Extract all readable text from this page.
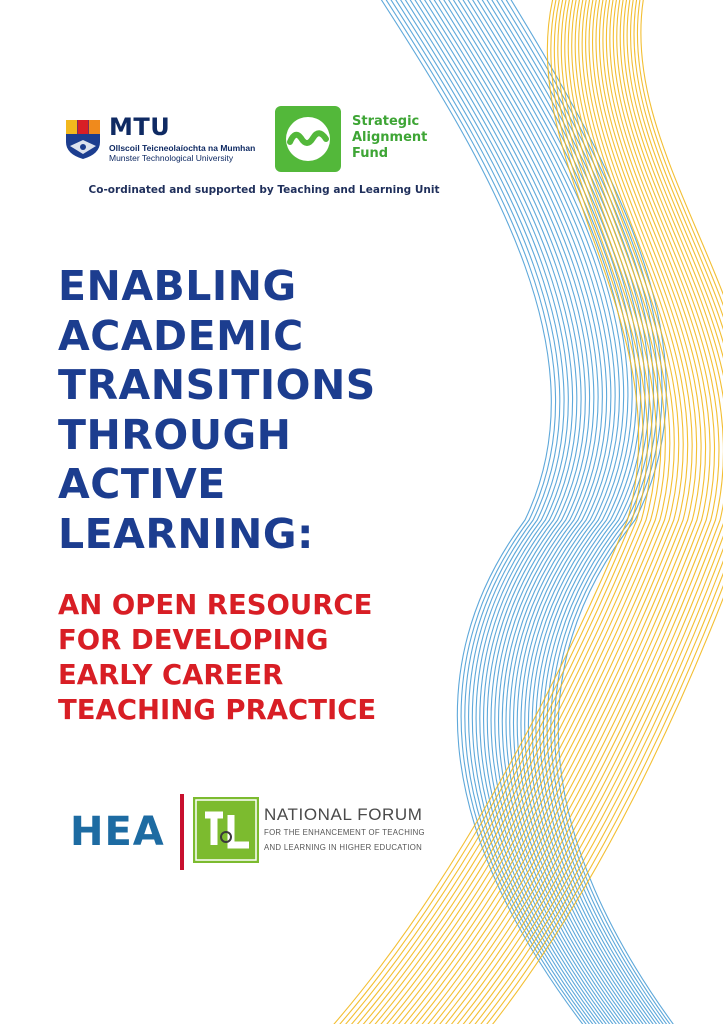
MTU
Ollscoil Teicneolaíochta na Mumhan
Munster Technological University
Strategic
Alignment
Fund
Co-ordinated and supported by Teaching and Learning Unit
ENABLING
ACADEMIC
TRANSITIONS
THROUGH
ACTIVE
LEARNING:
AN OPEN RESOURCE
FOR DEVELOPING
EARLY CAREER
TEACHING PRACTICE
HEA	NATIONAL FORUM
FOR THE ENHANCEMENT OF TEACHING
AND LEARNING IN HIGHER EDUCATION
